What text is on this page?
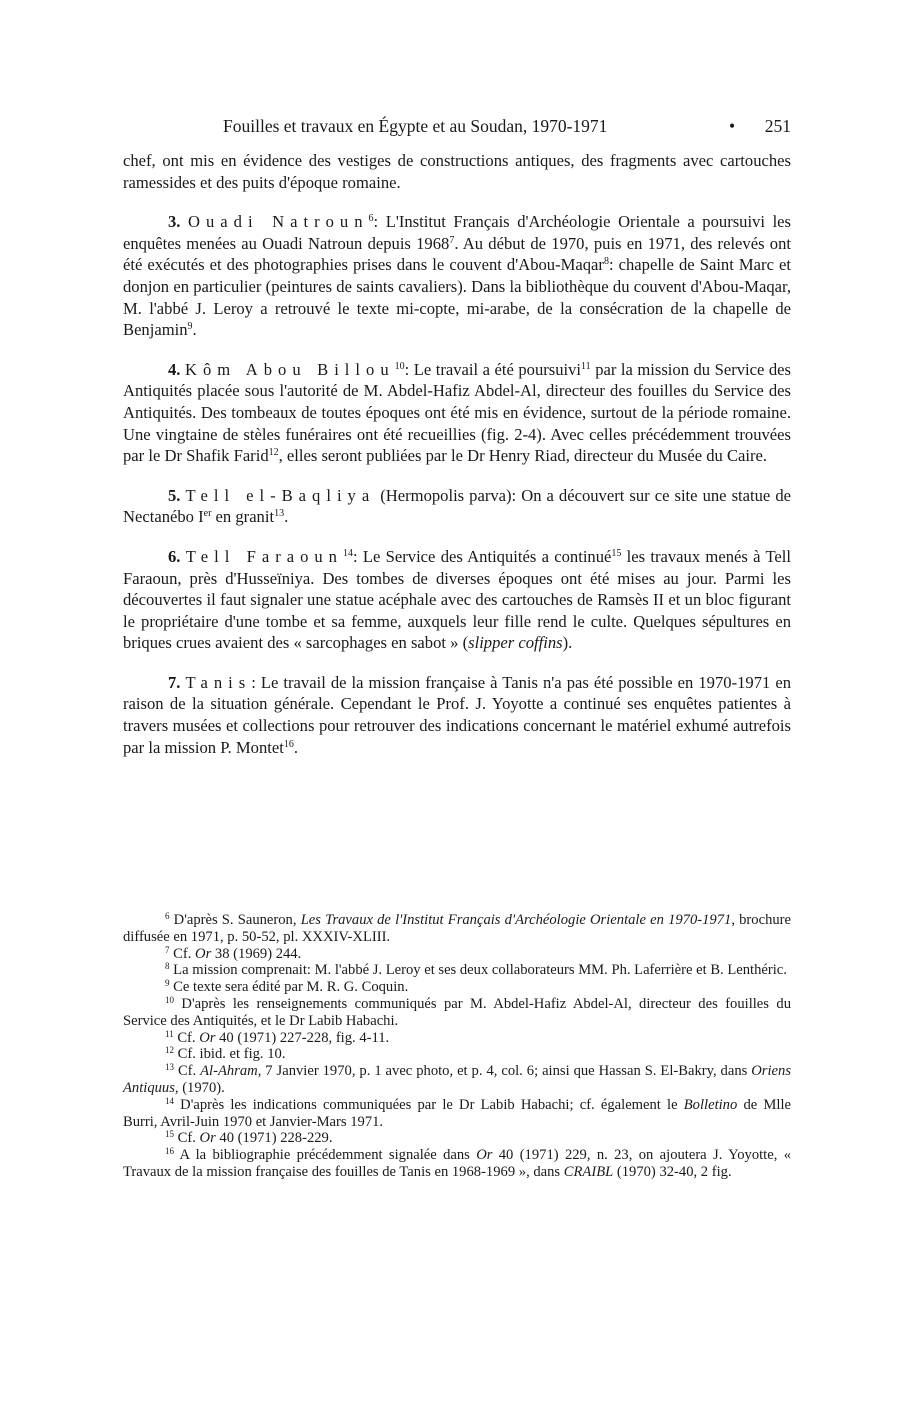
Fouilles et travaux en Égypte et au Soudan, 1970-1971	• 251

chef, ont mis en évidence des vestiges de constructions antiques, des fragments avec cartouches ramessides et des puits d'époque romaine.

3. Ouadi Natroun$^6$: L'Institut Français d'Archéologie Orientale a poursuivi les enquêtes menées au Ouadi Natroun depuis 1968$^7$. Au début de 1970, puis en 1971, des relevés ont été exécutés et des photographies prises dans le couvent d'Abou-Maqar$^8$: chapelle de Saint Marc et donjon en particulier (peintures de saints cavaliers). Dans la bibliothèque du couvent d'Abou-Maqar, M. l'abbé J. Leroy a retrouvé le texte mi-copte, mi-arabe, de la consécration de la chapelle de Benjamin$^9$.

4. Kôm Abou Billou$^{10}$: Le travail a été poursuivi$^{11}$ par la mission du Service des Antiquités placée sous l'autorité de M. Abdel-Hafiz Abdel-Al, directeur des fouilles du Service des Antiquités. Des tombeaux de toutes époques ont été mis en évidence, surtout de la période romaine. Une vingtaine de stèles funéraires ont été recueillies (fig. 2-4). Avec celles précédemment trouvées par le Dr Shafik Farid$^{12}$, elles seront publiées par le Dr Henry Riad, directeur du Musée du Caire.

5. Tell el-Baqliya (Hermopolis parva): On a découvert sur ce site une statue de Nectanébo Ier en granit$^{13}$.

6. Tell Faraoun$^{14}$: Le Service des Antiquités a continué$^{15}$ les travaux menés à Tell Faraoun, près d'Husseïniya. Des tombes de diverses époques ont été mises au jour. Parmi les découvertes il faut signaler une statue acéphale avec des cartouches de Ramsès II et un bloc figurant le propriétaire d'une tombe et sa femme, auxquels leur fille rend le culte. Quelques sépultures en briques crues avaient des « sarcophages en sabot » (slipper coffins).

7. Tanis: Le travail de la mission française à Tanis n'a pas été possible en 1970-1971 en raison de la situation générale. Cependant le Prof. J. Yoyotte a continué ses enquêtes patientes à travers musées et collections pour retrouver des indications concernant le matériel exhumé autrefois par la mission P. Montet$^{16}$.

$^6$ D'après S. Sauneron, Les Travaux de l'Institut Français d'Archéologie Orientale en 1970-1971, brochure diffusée en 1971, p. 50-52, pl. XXXIV-XLIII.

$^7$ Cf. Or 38 (1969) 244.

$^8$ La mission comprenait: M. l'abbé J. Leroy et ses deux collaborateurs MM. Ph. Laferrière et B. Lenthéric.

$^9$ Ce texte sera édité par M. R. G. Coquin.

$^{10}$ D'après les renseignements communiqués par M. Abdel-Hafiz Abdel-Al, directeur des fouilles du Service des Antiquités, et le Dr Labib Habachi.

$^{11}$ Cf. Or 40 (1971) 227-228, fig. 4-11.

$^{12}$ Cf. ibid. et fig. 10.

$^{13}$ Cf. Al-Ahram, 7 Janvier 1970, p. 1 avec photo, et p. 4, col. 6; ainsi que Hassan S. El-Bakry, dans Oriens Antiquus, (1970).

$^{14}$ D'après les indications communiquées par le Dr Labib Habachi; cf. également le Bolletino de Mlle Burri, Avril-Juin 1970 et Janvier-Mars 1971.

$^{15}$ Cf. Or 40 (1971) 228-229.

$^{16}$ A la bibliographie précédemment signalée dans Or 40 (1971) 229, n. 23, on ajoutera J. Yoyotte, « Travaux de la mission française des fouilles de Tanis en 1968-1969 », dans CRAIBL (1970) 32-40, 2 fig.
